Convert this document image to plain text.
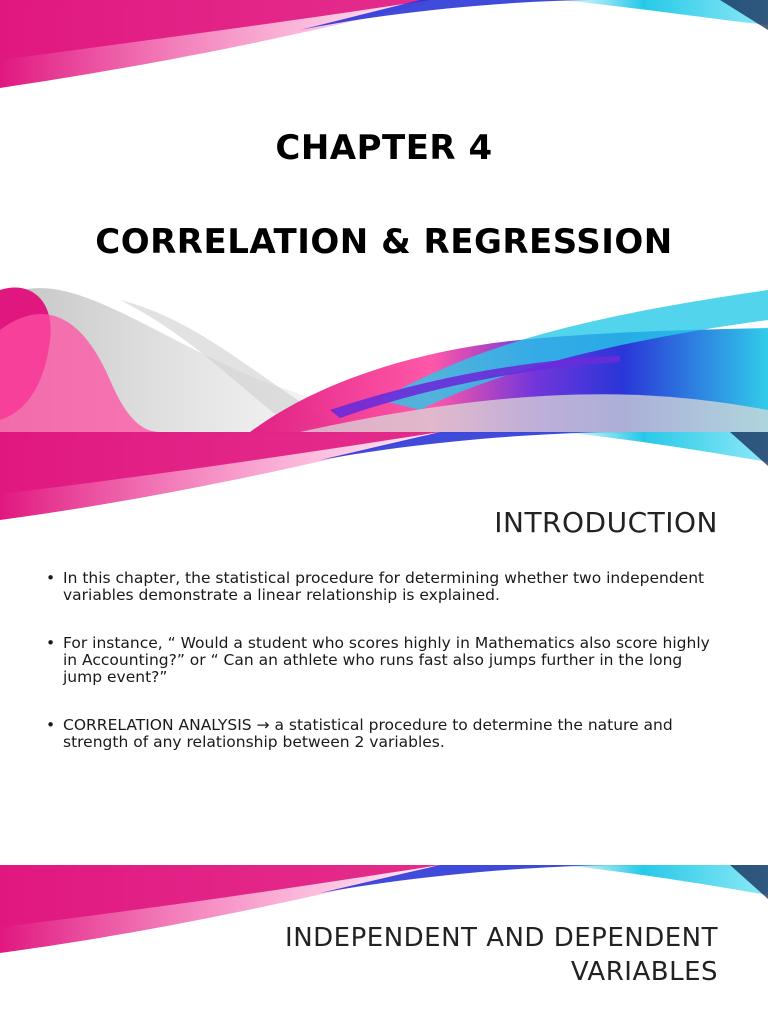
CHAPTER 4
CORRELATION & REGRESSION
INTRODUCTION
• In this chapter, the statistical procedure for determining whether two independent variables demonstrate a linear relationship is explained.
• For instance, “ Would a student who scores highly in Mathematics also score highly in Accounting?” or “ Can an athlete who runs fast also jumps further in the long jump event?”
• CORRELATION ANALYSIS → a statistical procedure to determine the nature and strength of any relationship between 2 variables.
INDEPENDENT AND DEPENDENT
VARIABLES
